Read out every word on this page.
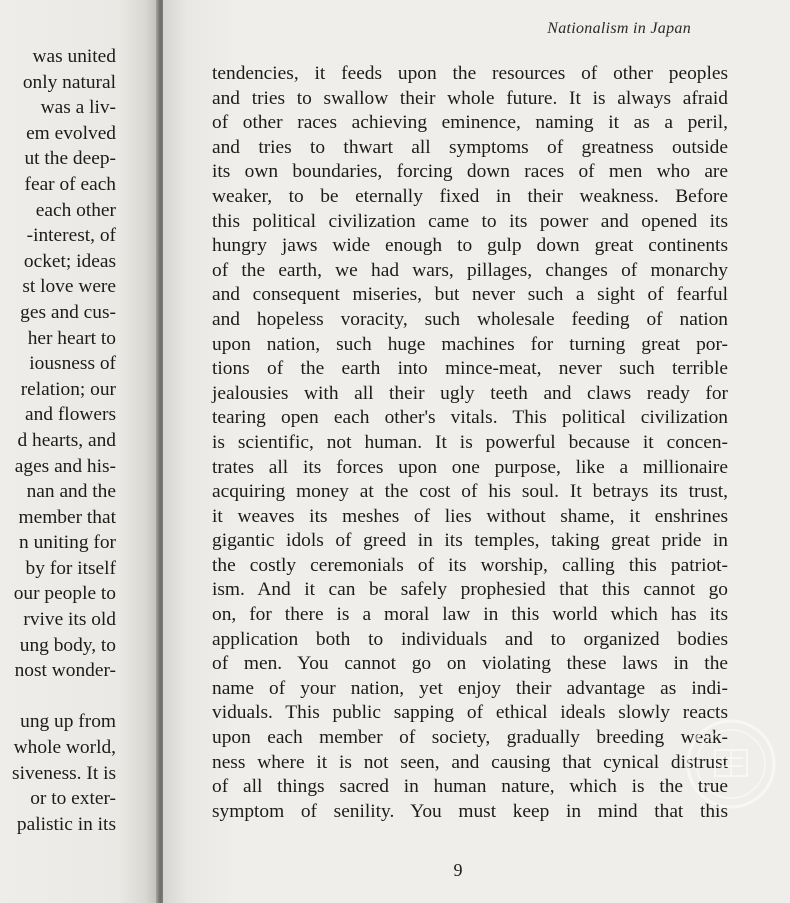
was united
only natural
was a liv-
em evolved
ut the deep-
fear of each
each other
-interest, of
ocket; ideas
st love were
ges and cus-
her heart to
iousness of
relation; our
and flowers
d hearts, and
ages and his-
nan and the
member that
n uniting for
by for itself
our people to
rvive its old
ung body, to
nost wonder-
ung up from
whole world,
siveness. It is
or to exter-
palistic in its
Nationalism in Japan
tendencies, it feeds upon the resources of other peoples
and tries to swallow their whole future. It is always afraid
of other races achieving eminence, naming it as a peril,
and tries to thwart all symptoms of greatness outside
its own boundaries, forcing down races of men who are
weaker, to be eternally fixed in their weakness. Before
this political civilization came to its power and opened its
hungry jaws wide enough to gulp down great continents
of the earth, we had wars, pillages, changes of monarchy
and consequent miseries, but never such a sight of fearful
and hopeless voracity, such wholesale feeding of nation
upon nation, such huge machines for turning great por-
tions of the earth into mince-meat, never such terrible
jealousies with all their ugly teeth and claws ready for
tearing open each other's vitals. This political civilization
is scientific, not human. It is powerful because it concen-
trates all its forces upon one purpose, like a millionaire
acquiring money at the cost of his soul. It betrays its trust,
it weaves its meshes of lies without shame, it enshrines
gigantic idols of greed in its temples, taking great pride in
the costly ceremonials of its worship, calling this patriot-
ism. And it can be safely prophesied that this cannot go
on, for there is a moral law in this world which has its
application both to individuals and to organized bodies
of men. You cannot go on violating these laws in the
name of your nation, yet enjoy their advantage as indi-
viduals. This public sapping of ethical ideals slowly reacts
upon each member of society, gradually breeding weak-
ness where it is not seen, and causing that cynical distrust
of all things sacred in human nature, which is the true
symptom of senility. You must keep in mind that this
9
